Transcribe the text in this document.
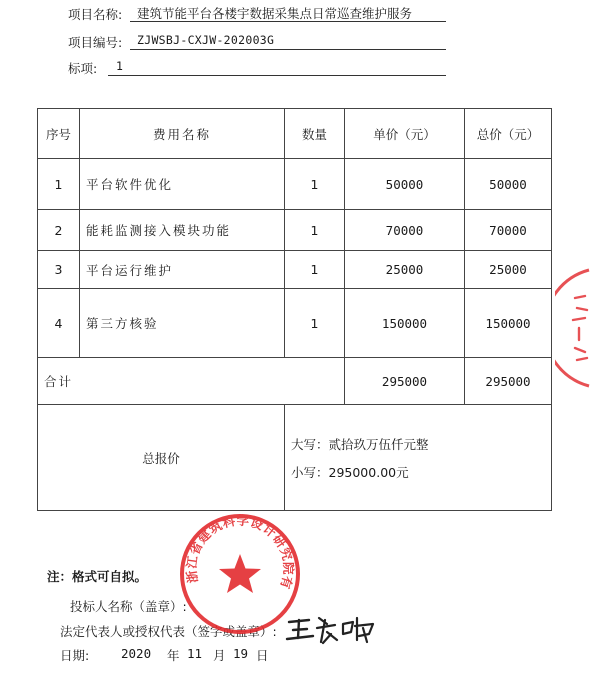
项目名称: 建筑节能平台各楼宇数据采集点日常巡查维护服务
项目编号: ZJWSBJ-CXJW-202003G
标项: 1
序号	费用名称	数量	单价（元）	总价（元）
1	平台软件优化	1	50000	50000
2	能耗监测接入模块功能	1	70000	70000
3	平台运行维护	1	25000	25000
4	第三方核验	1	150000	150000
合计			295000	295000
总报价		大写：贰拾玖万伍仟元整
小写：295000.00元		
注：格式可自拟。
投标人名称（盖章）:
法定代表人或授权代表（签字或盖章）:
日期:	2020 年 11 月 19 日
浙江省建筑科学设计研究院有
